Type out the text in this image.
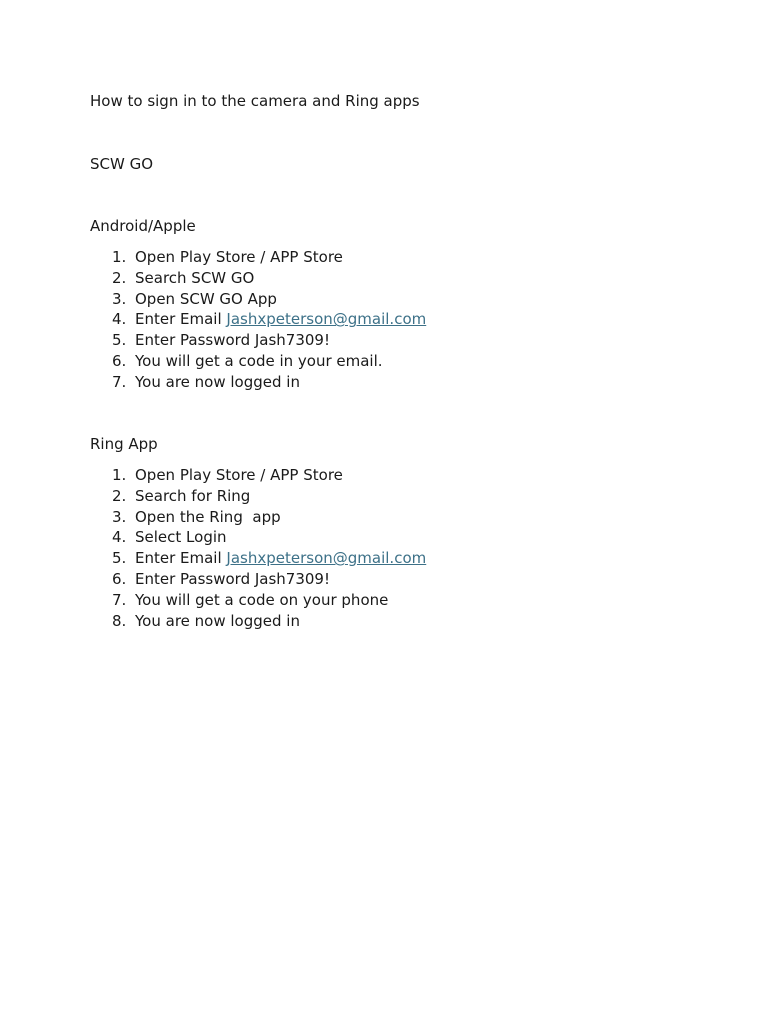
How to sign in to the camera and Ring apps
SCW GO
Android/Apple
1. Open Play Store / APP Store
2. Search SCW GO
3. Open SCW GO App
4. Enter Email Jashxpeterson@gmail.com
5. Enter Password Jash7309!
6. You will get a code in your email.
7. You are now logged in
Ring App
1. Open Play Store / APP Store
2. Search for Ring
3. Open the Ring  app
4. Select Login
5. Enter Email Jashxpeterson@gmail.com
6. Enter Password Jash7309!
7. You will get a code on your phone
8. You are now logged in
